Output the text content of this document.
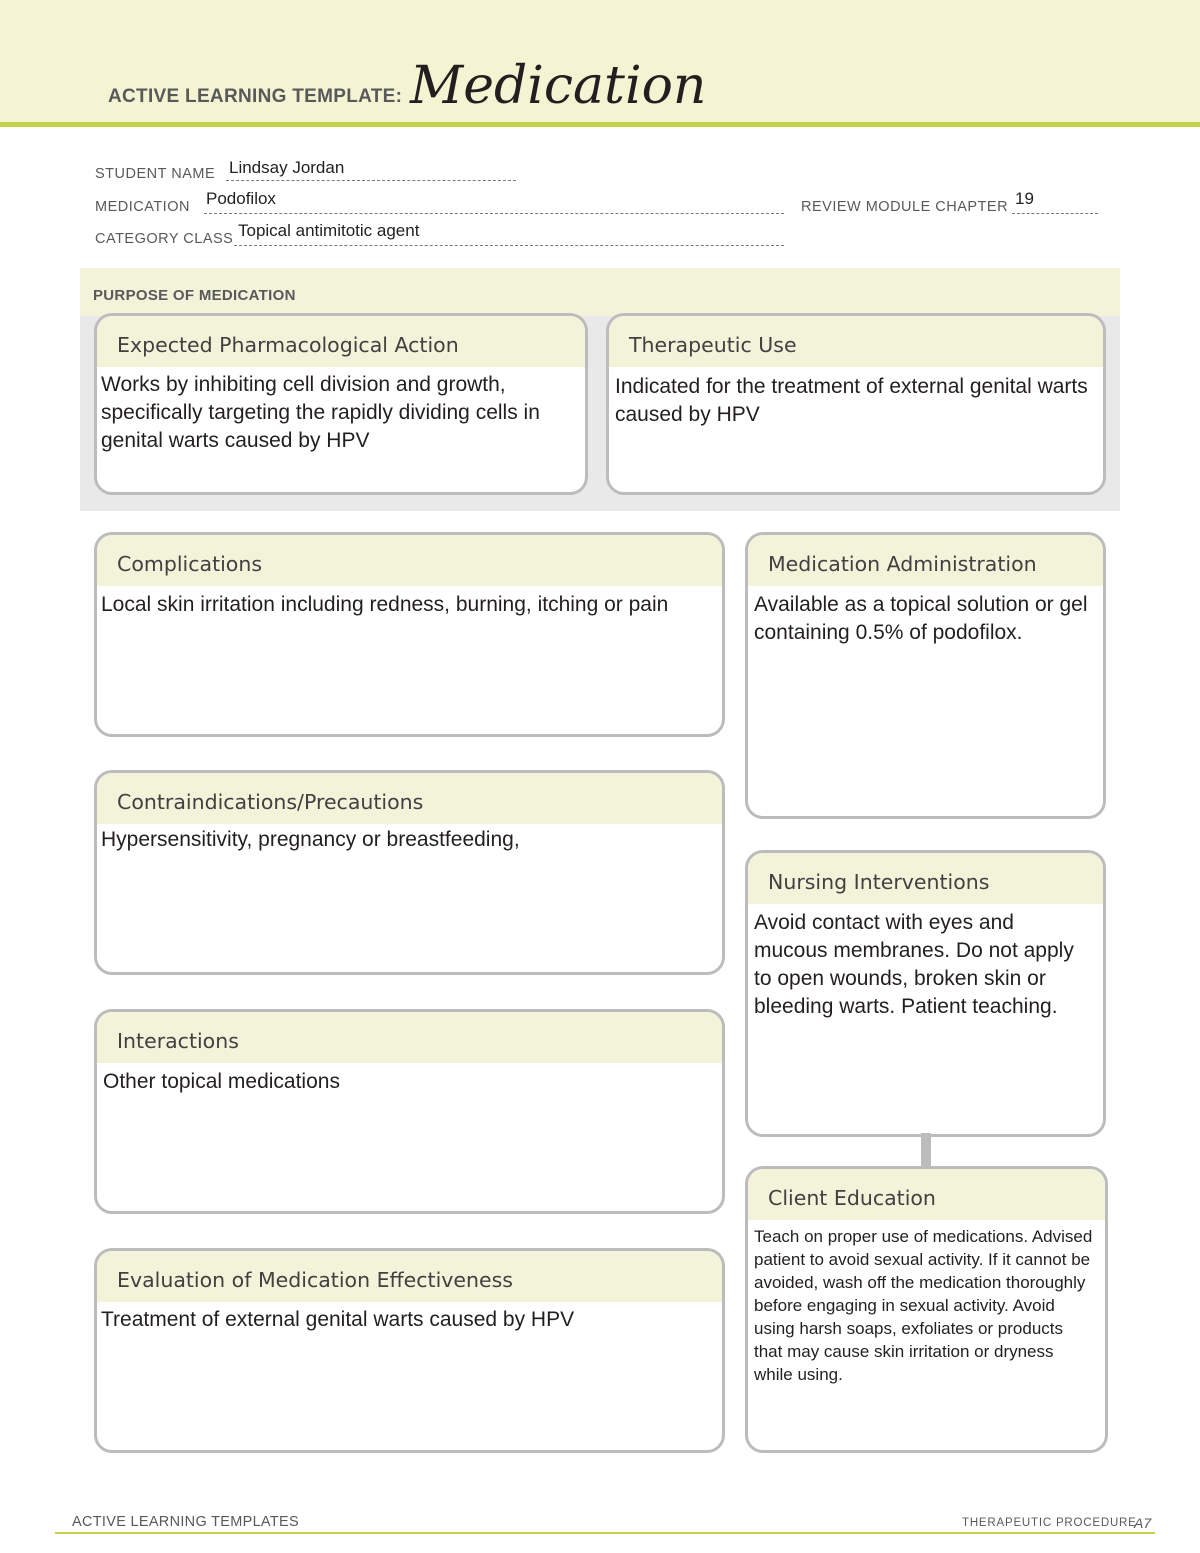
ACTIVE LEARNING TEMPLATE: Medication
STUDENT NAME Lindsay Jordan
MEDICATION Podofilox	REVIEW MODULE CHAPTER 19
CATEGORY CLASS Topical antimitotic agent
PURPOSE OF MEDICATION
Expected Pharmacological Action
Works by inhibiting cell division and growth, specifically targeting the rapidly dividing cells in genital warts caused by HPV
Therapeutic Use
Indicated for the treatment of external genital warts caused by HPV
Complications
Local skin irritation including redness, burning, itching or pain
Contraindications/Precautions
Hypersensitivity, pregnancy or breastfeeding,
Interactions
Other topical medications
Evaluation of Medication Effectiveness
Treatment of external genital warts caused by HPV
Medication Administration
Available as a topical solution or gel containing 0.5% of podofilox.
Nursing Interventions
Avoid contact with eyes and mucous membranes. Do not apply to open wounds, broken skin or bleeding warts. Patient teaching.
Client Education
Teach on proper use of medications. Advised patient to avoid sexual activity. If it cannot be avoided, wash off the medication thoroughly before engaging in sexual activity. Avoid using harsh soaps, exfoliates or products that may cause skin irritation or dryness while using.
ACTIVE LEARNING TEMPLATES	THERAPEUTIC PROCEDURE
A7
